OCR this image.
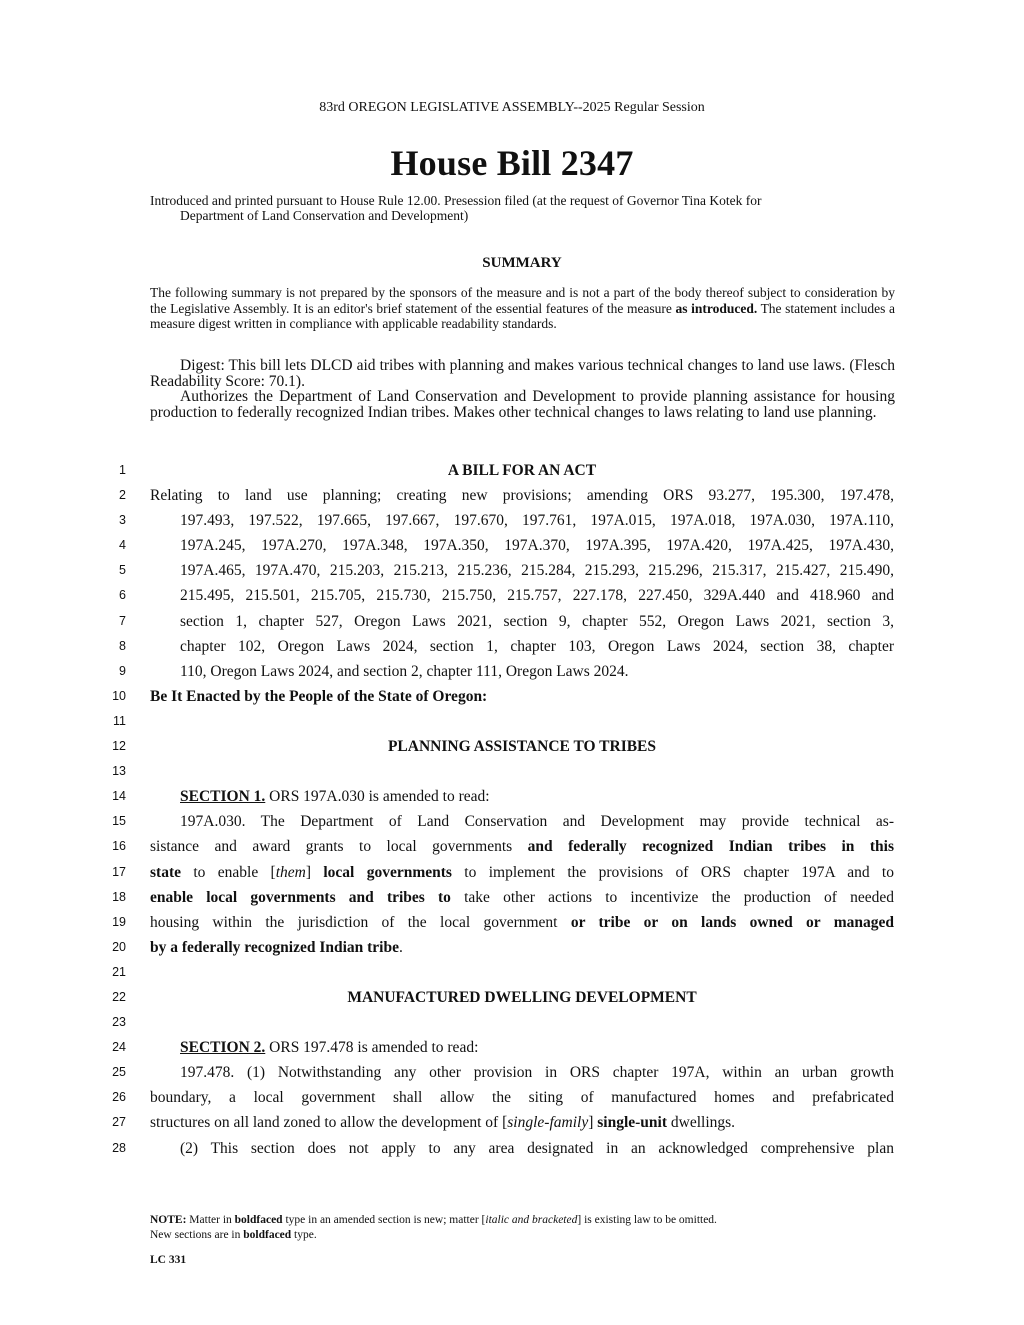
83rd OREGON LEGISLATIVE ASSEMBLY--2025 Regular Session
House Bill 2347
Introduced and printed pursuant to House Rule 12.00. Presession filed (at the request of Governor Tina Kotek for
Department of Land Conservation and Development)
SUMMARY
The following summary is not prepared by the sponsors of the measure and is not a part of the body thereof subject to consideration by the Legislative Assembly. It is an editor's brief statement of the essential features of the measure as introduced. The statement includes a measure digest written in compliance with applicable readability standards.

Digest: This bill lets DLCD aid tribes with planning and makes various technical changes to land use laws. (Flesch Readability Score: 70.1).

Authorizes the Department of Land Conservation and Development to provide planning assistance for housing production to federally recognized Indian tribes. Makes other technical changes to laws relating to land use planning.

1	A BILL FOR AN ACT
2 Relating to land use planning; creating new provisions; amending ORS 93.277, 195.300, 197.478,
3	197.493, 197.522, 197.665, 197.667, 197.670, 197.761, 197A.015, 197A.018, 197A.030, 197A.110,
4	197A.245, 197A.270, 197A.348, 197A.350, 197A.370, 197A.395, 197A.420, 197A.425, 197A.430,
5	197A.465, 197A.470, 215.203, 215.213, 215.236, 215.284, 215.293, 215.296, 215.317, 215.427, 215.490,
6	215.495, 215.501, 215.705, 215.730, 215.750, 215.757, 227.178, 227.450, 329A.440 and 418.960 and
7	section 1, chapter 527, Oregon Laws 2021, section 9, chapter 552, Oregon Laws 2021, section 3,
8	chapter 102, Oregon Laws 2024, section 1, chapter 103, Oregon Laws 2024, section 38, chapter
9	110, Oregon Laws 2024, and section 2, chapter 111, Oregon Laws 2024.
10 Be It Enacted by the People of the State of Oregon:
11
12	PLANNING ASSISTANCE TO TRIBES
13
14	SECTION 1. ORS 197A.030 is amended to read:
15	197A.030. The Department of Land Conservation and Development may provide technical as-
16 sistance and award grants to local governments and federally recognized Indian tribes in this
17 state to enable [them] local governments to implement the provisions of ORS chapter 197A and to
18 enable local governments and tribes to take other actions to incentivize the production of needed
19 housing within the jurisdiction of the local government or tribe or on lands owned or managed
20 by a federally recognized Indian tribe.
21
22	MANUFACTURED DWELLING DEVELOPMENT
23
24	SECTION 2. ORS 197.478 is amended to read:
25	197.478. (1) Notwithstanding any other provision in ORS chapter 197A, within an urban growth
26 boundary, a local government shall allow the siting of manufactured homes and prefabricated
27 structures on all land zoned to allow the development of [single-family] single-unit dwellings.
28	(2) This section does not apply to any area designated in an acknowledged comprehensive plan
NOTE: Matter in boldfaced type in an amended section is new; matter [italic and bracketed] is existing law to be omitted.
New sections are in boldfaced type.
LC 331
